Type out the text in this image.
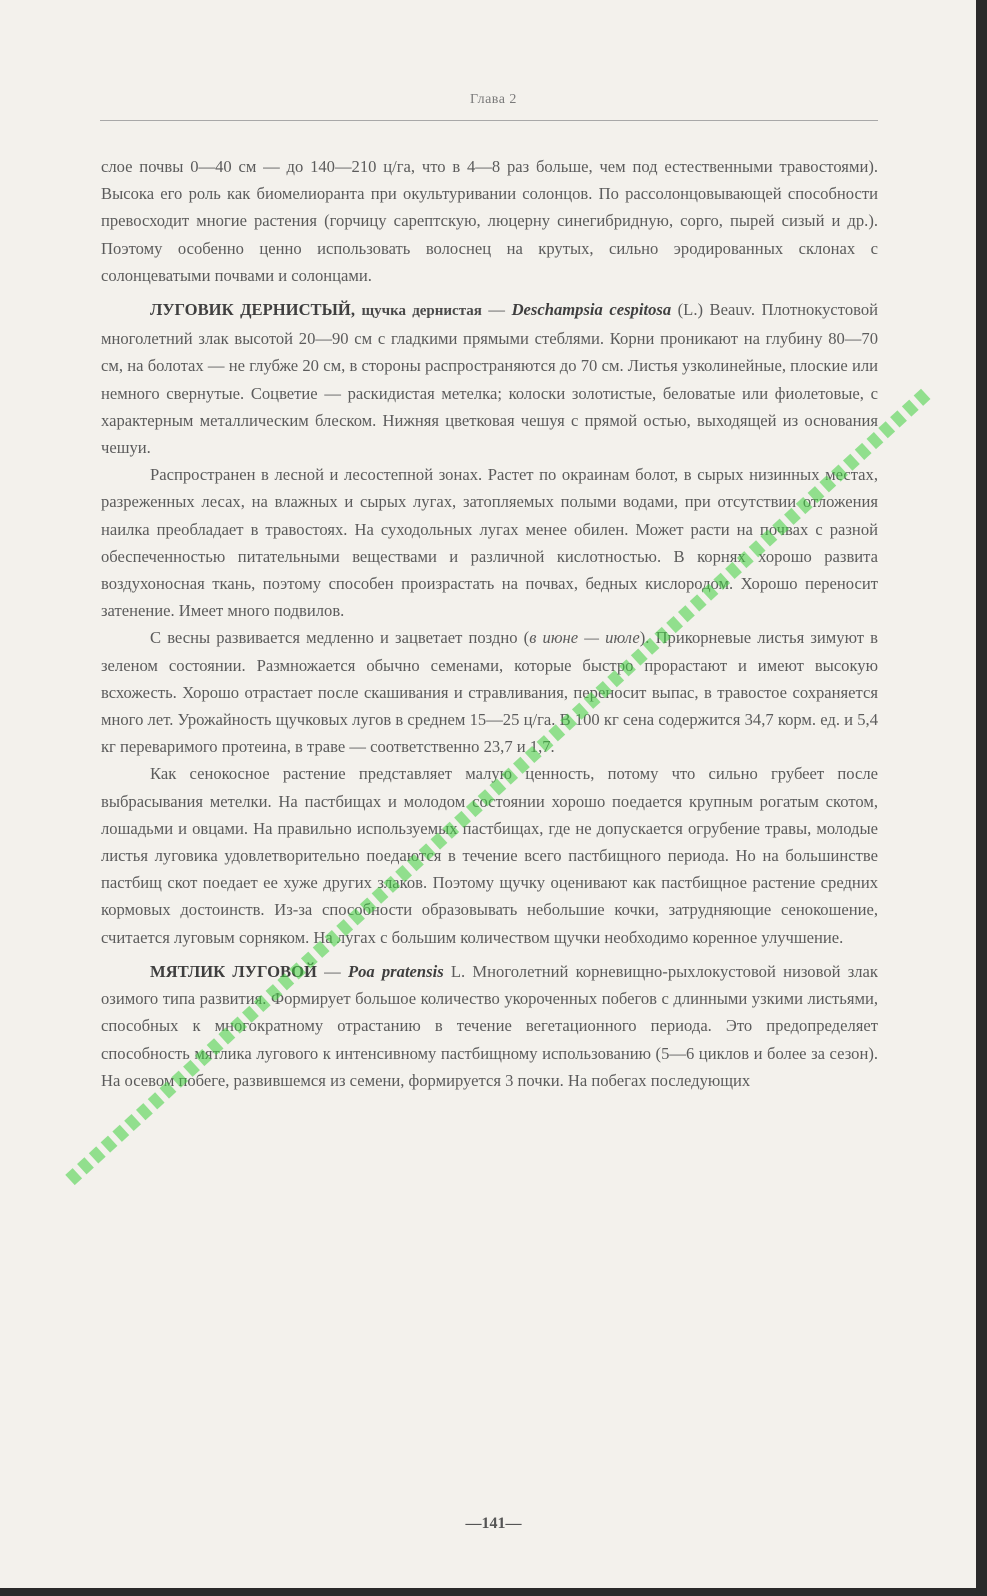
Глава 2

слое почвы 0—40 см — до 140—210 ц/га, что в 4—8 раз больше, чем под естественными травостоями). Высока его роль как биомелиоранта при окультуривании солонцов. По рассолонцовывающей способности превосходит многие растения (горчицу сарептскую, люцерну синегибридную, сорго, пырей сизый и др.). Поэтому особенно ценно использовать волоснец на крутых, сильно эродированных склонах с солонцеватыми почвами и солонцами.

ЛУГОВИК ДЕРНИСТЫЙ, щучка дернистая — Deschampsia cespitosa (L.) Beauv. Плотнокустовой многолетний злак высотой 20—90 см с гладкими прямыми стеблями. Корни проникают на глубину 80—70 см, на болотах — не глубже 20 см, в стороны распространяются до 70 см. Листья узколинейные, плоские или немного свернутые. Соцветие — раскидистая метелка; колоски золотистые, беловатые или фиолетовые, с характерным металлическим блеском. Нижняя цветковая чешуя с прямой остью, выходящей из основания чешуи.

Распространен в лесной и лесостепной зонах. Растет по окраинам болот, в сырых низинных местах, разреженных лесах, на влажных и сырых лугах, затопляемых полыми водами, при отсутствии отложения наилка преобладает в травостоях. На суходольных лугах менее обилен. Может расти на почвах с разной обеспеченностью питательными веществами и различной кислотностью. В корнях хорошо развита воздухоносная ткань, поэтому способен произрастать на почвах, бедных кислородом. Хорошо переносит затенение. Имеет много подвилов.

С весны развивается медленно и зацветает поздно (в июне — июле). Прикорневые листья зимуют в зеленом состоянии. Размножается обычно семенами, которые быстро прорастают и имеют высокую всхожесть. Хорошо отрастает после скашивания и стравливания, переносит выпас, в травостое сохраняется много лет. Урожайность щучковых лугов в среднем 15—25 ц/га. В 100 кг сена содержится 34,7 корм. ед. и 5,4 кг переваримого протеина, в траве — соответственно 23,7 и 1,7.

Как сенокосное растение представляет малую ценность, потому что сильно грубеет после выбрасывания метелки. На пастбищах и молодом состоянии хорошо поедается крупным рогатым скотом, лошадьми и овцами. На правильно используемых пастбищах, где не допускается огрубение травы, молодые листья луговика удовлетворительно поедаются в течение всего пастбищного периода. Но на большинстве пастбищ скот поедает ее хуже других злаков. Поэтому щучку оценивают как пастбищное растение средних кормовых достоинств. Из-за способности образовывать небольшие кочки, затрудняющие сенокошение, считается луговым сорняком. На лугах с большим количеством щучки необходимо коренное улучшение.

МЯТЛИК ЛУГОВОЙ — Poa pratensis L. Многолетний корневищно-рыхлокустовой низовой злак озимого типа развития. Формирует большое количество укороченных побегов с длинными узкими листьями, способных к многократному отрастанию в течение вегетационного периода. Это предопределяет способность мятлика лугового к интенсивному пастбищному использованию (5—6 циклов и более за сезон). На осевом побеге, развившемся из семени, формируется 3 почки. На побегах последующих

—141—
